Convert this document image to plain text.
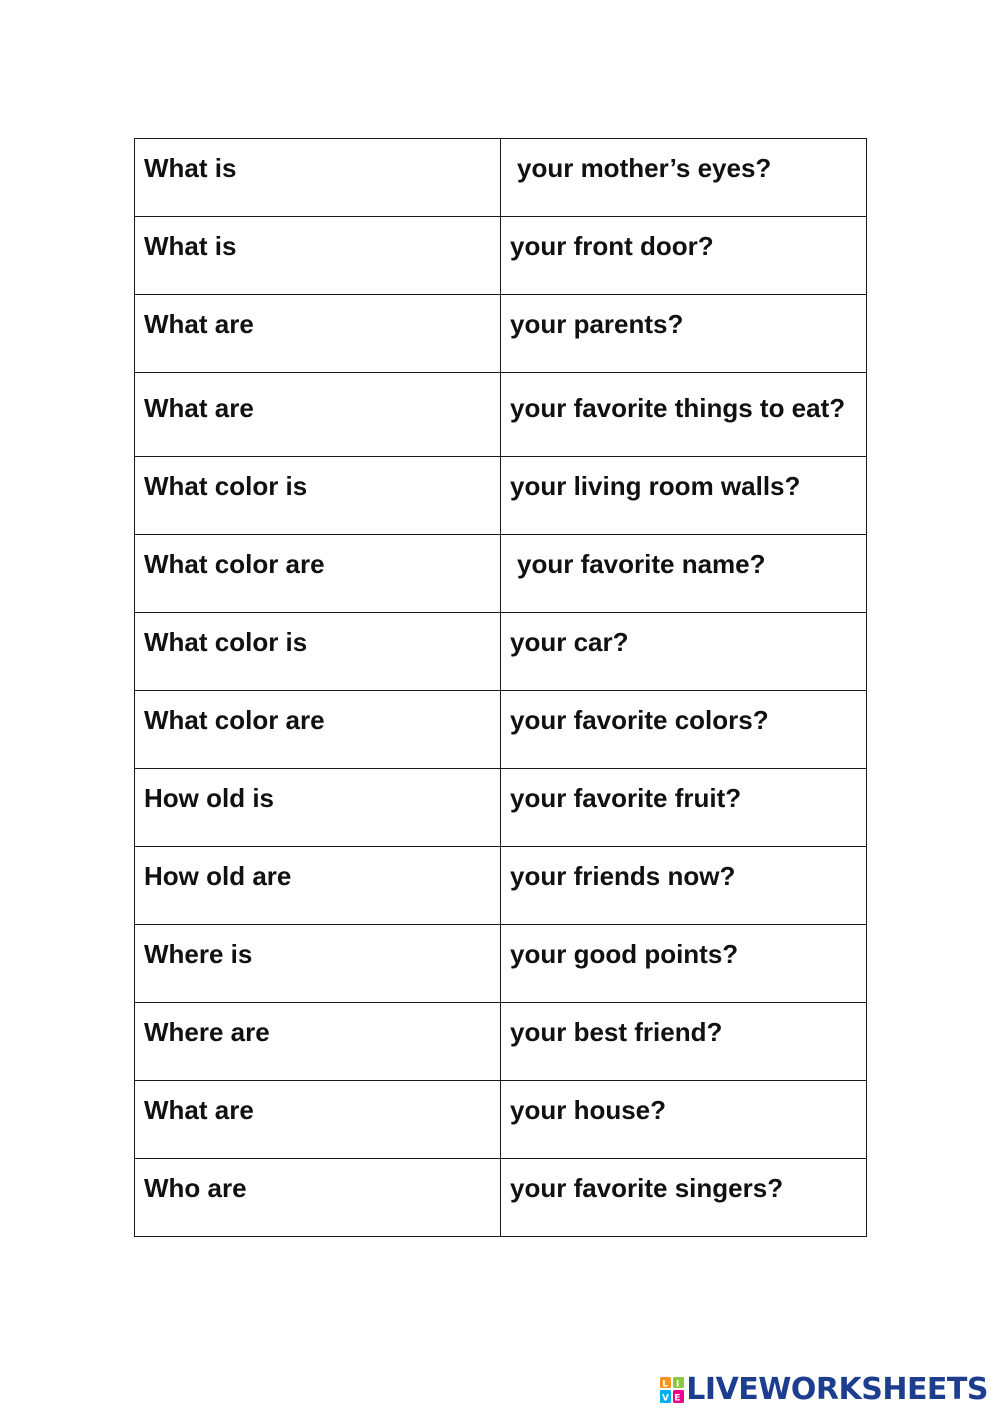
What is	your mother’s eyes?

What is	your front door?

What are	your parents?

What are	your favorite things to eat?

What color is	your living room walls?

What color are	your favorite name?

What color is	your car?

What color are	your favorite colors?

How old is	your favorite fruit?

How old are	your friends now?

Where is	your good points?

Where are	your best friend?

What are	your house?

Who are	your favorite singers?
L I
V E LIVEWORKSHEETS
